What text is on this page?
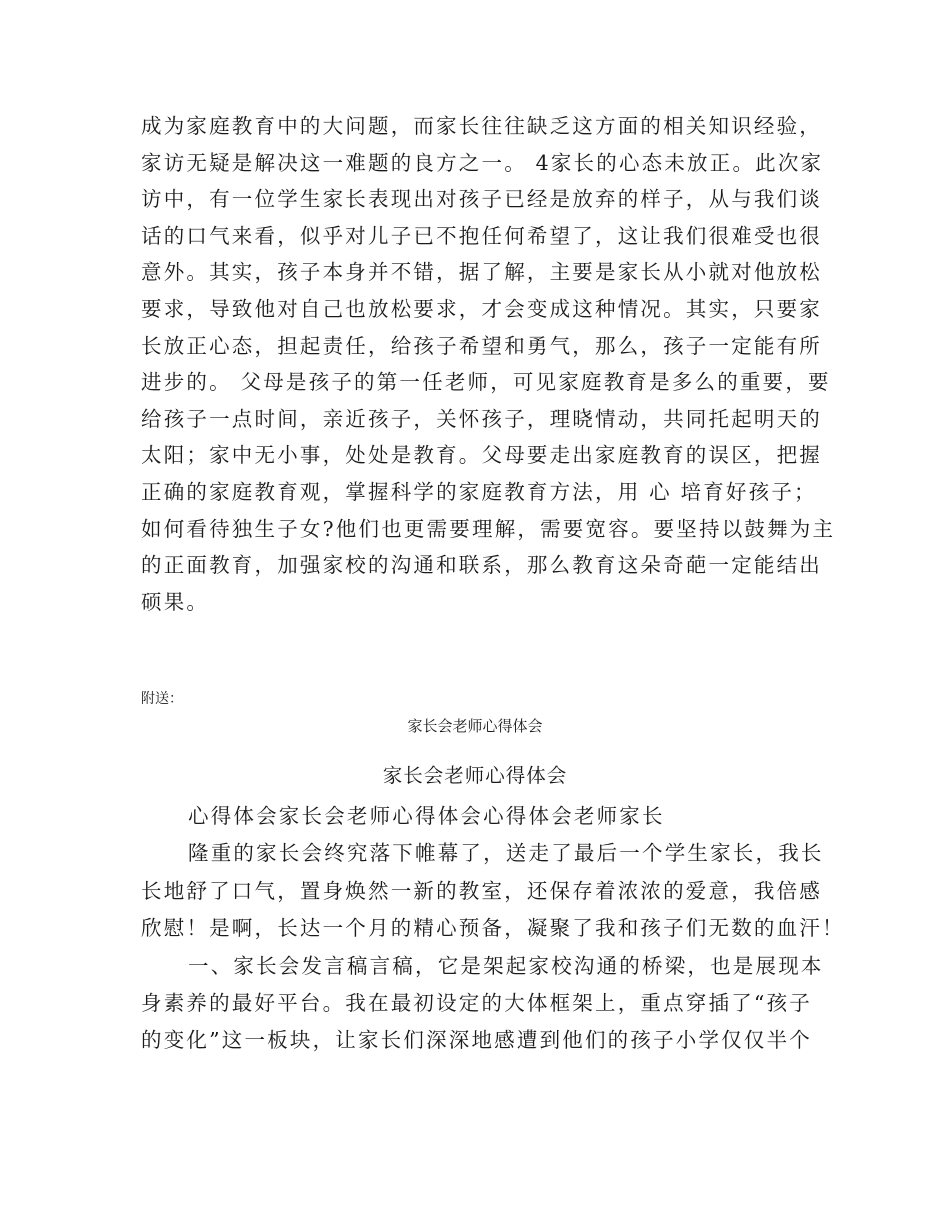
成为家庭教育中的大问题，而家长往往缺乏这方面的相关知识经验，
家访无疑是解决这一难题的良方之一。 4家长的心态未放正。此次家
访中，有一位学生家长表现出对孩子已经是放弃的样子，从与我们谈
话的口气来看，似乎对儿子已不抱任何希望了，这让我们很难受也很
意外。其实，孩子本身并不错，据了解，主要是家长从小就对他放松
要求，导致他对自己也放松要求，才会变成这种情况。其实，只要家
长放正心态，担起责任，给孩子希望和勇气，那么，孩子一定能有所
进步的。 父母是孩子的第一任老师，可见家庭教育是多么的重要，要
给孩子一点时间，亲近孩子，关怀孩子，理晓情动，共同托起明天的
太阳；家中无小事，处处是教育。父母要走出家庭教育的误区，把握
正确的家庭教育观，掌握科学的家庭教育方法，用 心 培育好孩子；
如何看待独生子女?他们也更需要理解，需要宽容。要坚持以鼓舞为主
的正面教育，加强家校的沟通和联系，那么教育这朵奇葩一定能结出
硕果。
附送：
家长会老师心得体会
家长会老师心得体会
心得体会家长会老师心得体会心得体会老师家长
隆重的家长会终究落下帷幕了，送走了最后一个学生家长，我长
长地舒了口气，置身焕然一新的教室，还保存着浓浓的爱意，我倍感
欣慰！是啊，长达一个月的精心预备，凝聚了我和孩子们无数的血汗！
一、家长会发言稿言稿，它是架起家校沟通的桥梁，也是展现本
身素养的最好平台。我在最初设定的大体框架上，重点穿插了“孩子
的变化”这一板块，让家长们深深地感遭到他们的孩子小学仅仅半个
